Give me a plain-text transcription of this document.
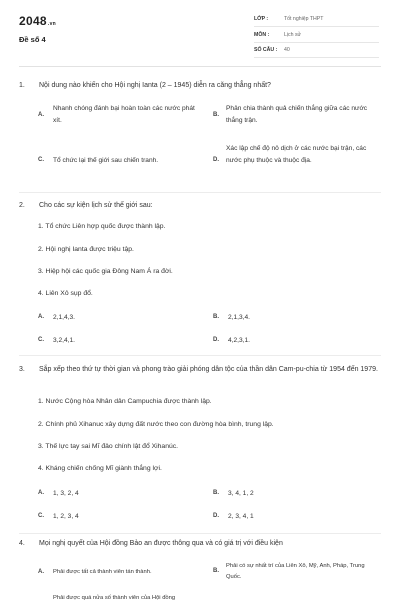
2048.vn
Đề số 4
LỚP :	Tốt nghiệp THPT
MÔN :	Lịch sử
SỐ CÂU : 40
1. Nội dung nào khiến cho Hội nghị Ianta (2 – 1945) diễn ra căng thẳng nhất?
A.
Nhanh chóng đánh bại hoàn toàn các nước phát xít.
B.
Phân chia thành quả chiến thắng giữa các nước thắng trận.
C. Tổ chức lại thế giới sau chiến tranh.	D.
Xác lập chế độ nô dịch ở các nước bại trận, các nước phụ thuộc và thuộc địa.
2. Cho các sự kiện lịch sử thế giới sau:
1. Tổ chức Liên hợp quốc được thành lập.
2. Hội nghị Ianta được triệu tập.
3. Hiệp hội các quốc gia Đông Nam Á ra đời.
4. Liên Xô sụp đổ.
A. 2,1,4,3.	B. 2,1,3,4.
C. 3,2,4,1.	D. 4,2,3,1.
3. Sắp xếp theo thứ tự thời gian và phong trào giải phóng dân tộc của thần dân Cam-pu-chia từ 1954 đến 1979.
1. Nước Cộng hòa Nhân dân Campuchia được thành lập.
2. Chính phủ Xihanuc xây dựng đất nước theo con đường hòa bình, trung lập.
3. Thế lực tay sai Mĩ đảo chính lật đổ Xihanúc.
4. Kháng chiến chống Mĩ giành thắng lợi.
A. 1, 3, 2, 4	B. 3, 4, 1, 2
C. 1, 2, 3, 4	D. 2, 3, 4, 1
4. Mọi nghị quyết của Hội đồng Bảo an được thông qua và có giá trị với điều kiện
A. Phải được tất cả thành viên tán thành.	B.
Phải có sự nhất trí của Liên Xô, Mỹ, Anh, Pháp, Trung Quốc.
Phải được quá nửa số thành viên của Hội đồng
